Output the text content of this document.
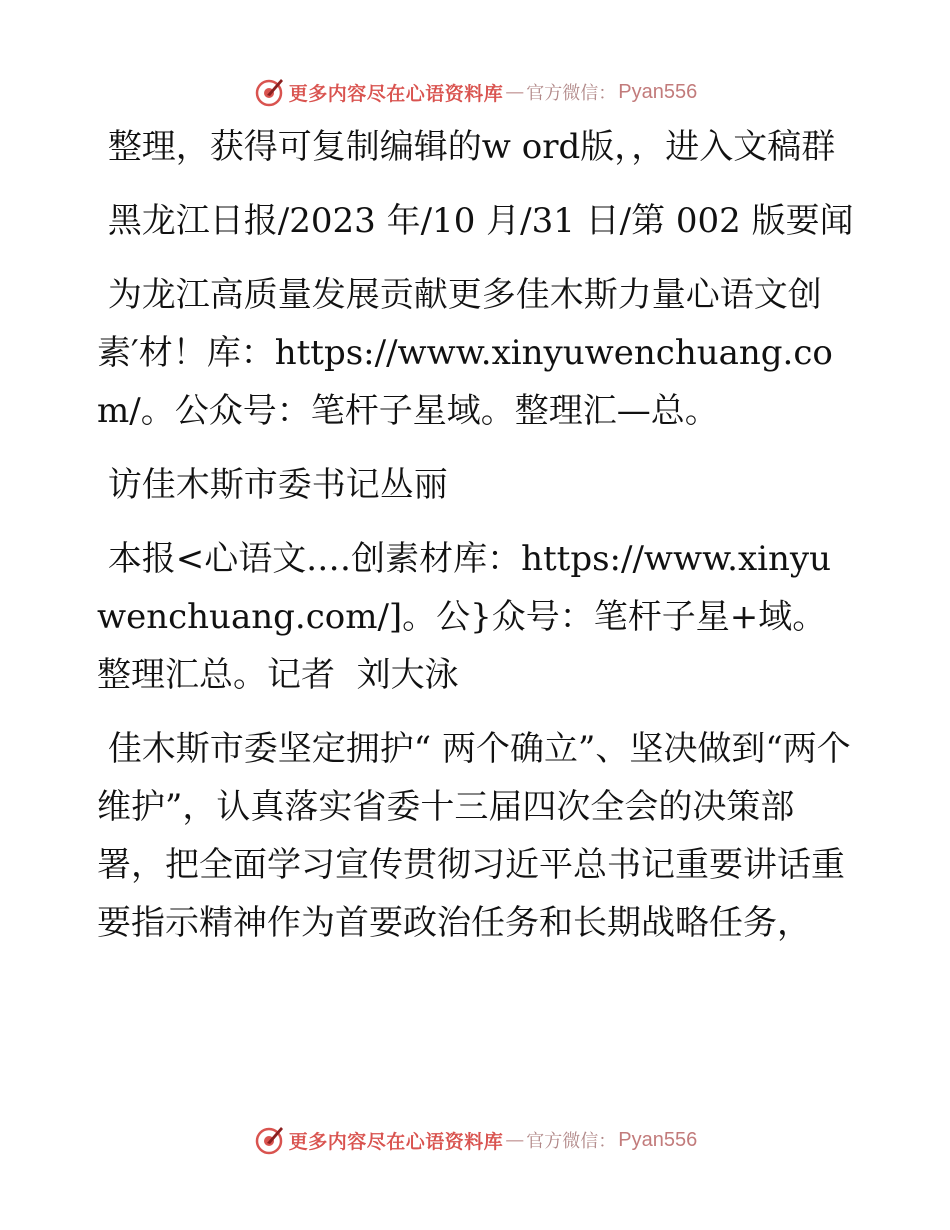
更多内容尽在心语资料库 — 官方微信： Pyan556

整理，获得可复制编辑的w ord版，，进入文稿群

黑龙江日报/2023 年/10 月/31 日/第 002 版要闻

为龙江高质量发展贡献更多佳木斯力量心语文创素′材！库：https://www.xinyuwenchuang.com/。公众号：笔杆子星域。整理汇—总。

访佳木斯市委书记丛丽

本报<心语文.…创素材库：https://www.xinyuwenchuang.com/]。公}众号：笔杆子星+域。整理汇总。记者  刘大泳

佳木斯市委坚定拥护“ 两个确立”、坚决做到“两个维护”，认真落实省委十三届四次全会的决策部署，把全面学习宣传贯彻习近平总书记重要讲话重要指示精神作为首要政治任务和长期战略任务，

更多内容尽在心语资料库 — 官方微信： Pyan556
